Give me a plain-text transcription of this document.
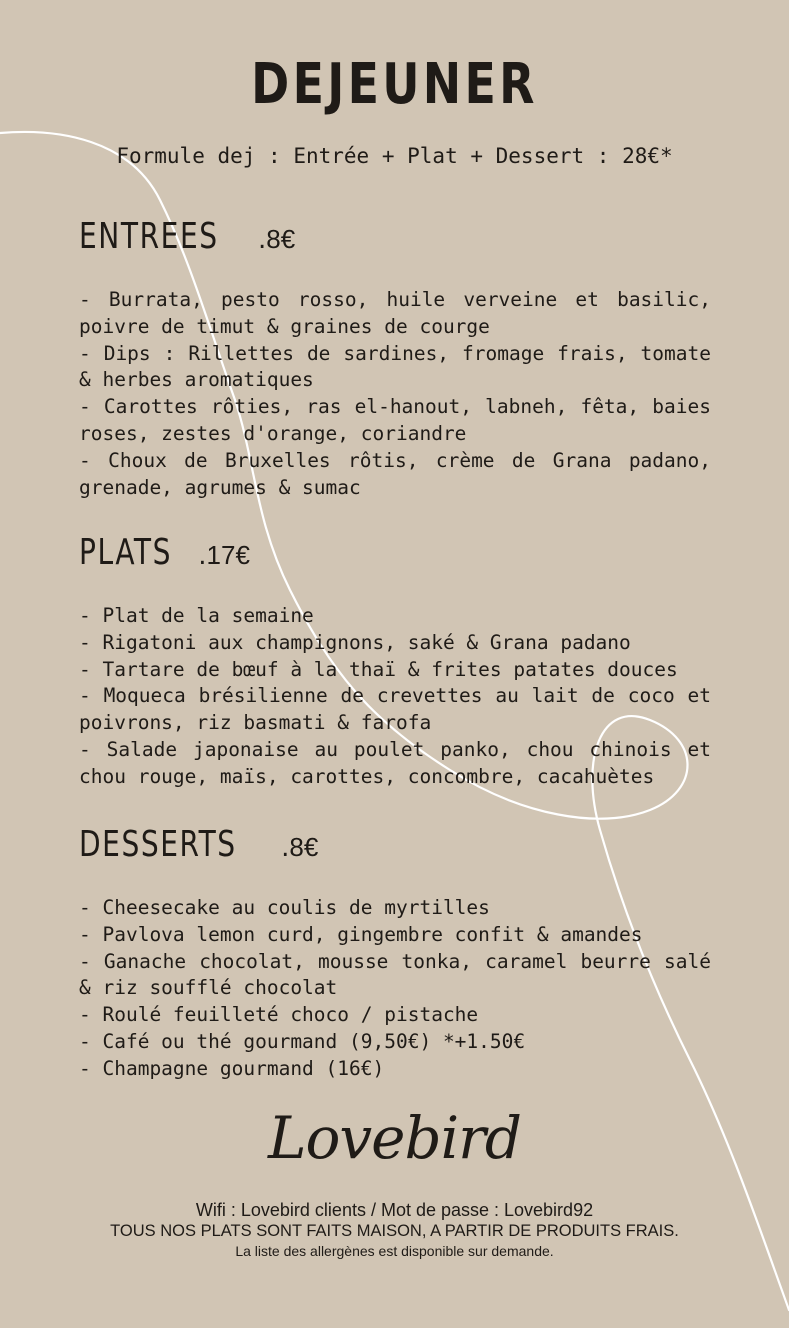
DEJEUNER
Formule dej : Entrée + Plat + Dessert : 28€*
ENTREES .8€

- Burrata, pesto rosso, huile verveine et basilic, poivre de timut & graines de courge

- Dips : Rillettes de sardines, fromage frais, tomate & herbes aromatiques

- Carottes rôties, ras el-hanout, labneh, fêta, baies roses, zestes d'orange, coriandre

- Choux de Bruxelles rôtis, crème de Grana padano, grenade, agrumes & sumac

PLATS .17€

- Plat de la semaine

- Rigatoni aux champignons, saké & Grana padano

- Tartare de bœuf à la thaï & frites patates douces

- Moqueca brésilienne de crevettes au lait de coco et poivrons, riz basmati & farofa

- Salade japonaise au poulet panko, chou chinois et chou rouge, maïs, carottes, concombre, cacahuètes

DESSERTS .8€

- Cheesecake au coulis de myrtilles

- Pavlova lemon curd, gingembre confit & amandes

- Ganache chocolat, mousse tonka, caramel beurre salé & riz soufflé chocolat

- Roulé feuilleté choco / pistache

- Café ou thé gourmand (9,50€) *+1.50€

- Champagne gourmand (16€)

Lovebird
Wifi : Lovebird clients / Mot de passe : Lovebird92
TOUS NOS PLATS SONT FAITS MAISON, A PARTIR DE PRODUITS FRAIS.
La liste des allergènes est disponible sur demande.
